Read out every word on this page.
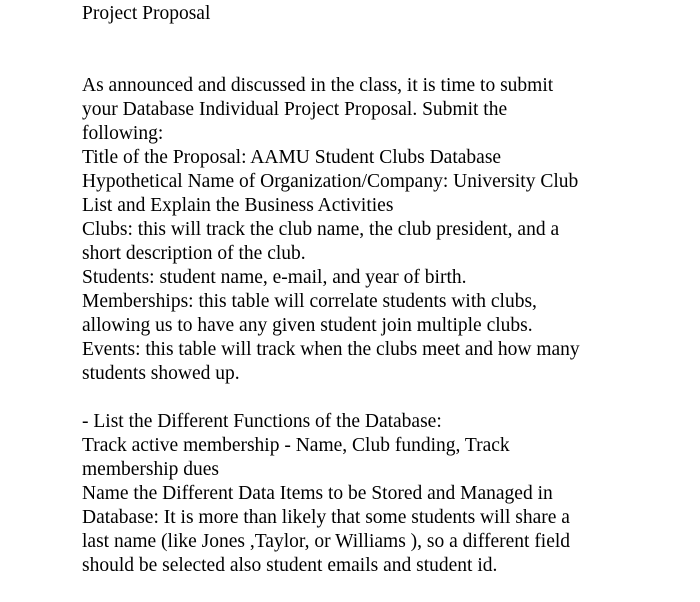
Project Proposal
As announced and discussed in the class, it is time to submit
your Database Individual Project Proposal. Submit the
following:
Title of the Proposal: AAMU Student Clubs Database
Hypothetical Name of Organization/Company: University Club
List and Explain the Business Activities
Clubs: this will track the club name, the club president, and a
short description of the club.
Students: student name, e-mail, and year of birth.
Memberships: this table will correlate students with clubs,
allowing us to have any given student join multiple clubs.
Events: this table will track when the clubs meet and how many
students showed up.
- List the Different Functions of the Database:
Track active membership - Name, Club funding, Track
membership dues
Name the Different Data Items to be Stored and Managed in
Database: It is more than likely that some students will share a
last name (like Jones ,Taylor, or Williams ), so a different field
should be selected also student emails and student id.
